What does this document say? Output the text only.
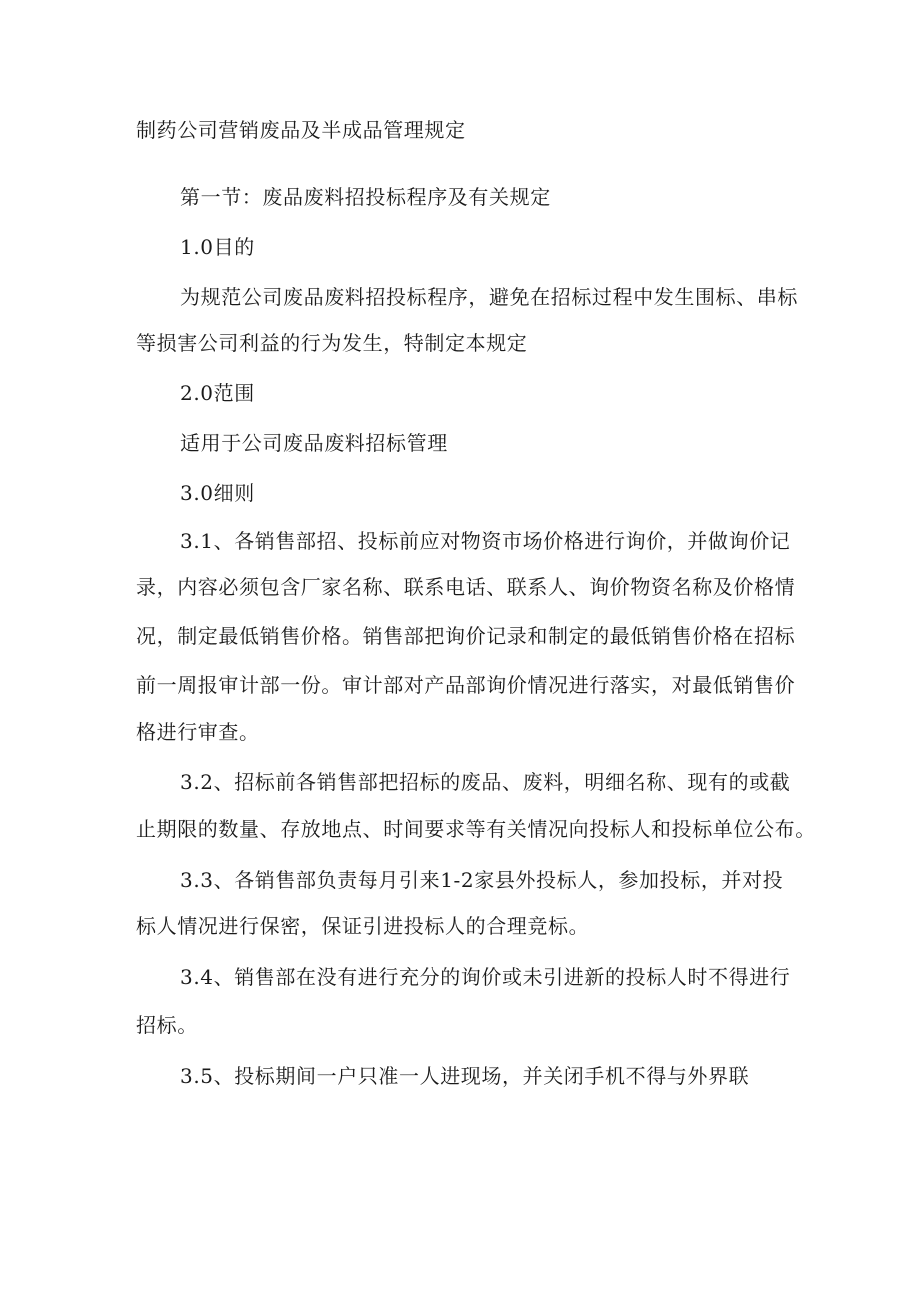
制药公司营销废品及半成品管理规定
第一节：废品废料招投标程序及有关规定
1.0目的
为规范公司废品废料招投标程序，避免在招标过程中发生围标、串标
等损害公司利益的行为发生，特制定本规定
2.0范围
适用于公司废品废料招标管理
3.0细则
3.1、各销售部招、投标前应对物资市场价格进行询价，并做询价记
录，内容必须包含厂家名称、联系电话、联系人、询价物资名称及价格情
况，制定最低销售价格。销售部把询价记录和制定的最低销售价格在招标
前一周报审计部一份。审计部对产品部询价情况进行落实，对最低销售价
格进行审查。
3.2、招标前各销售部把招标的废品、废料，明细名称、现有的或截
止期限的数量、存放地点、时间要求等有关情况向投标人和投标单位公布。
3.3、各销售部负责每月引来1-2家县外投标人，参加投标，并对投
标人情况进行保密，保证引进投标人的合理竞标。
3.4、销售部在没有进行充分的询价或未引进新的投标人时不得进行
招标。
3.5、投标期间一户只准一人进现场，并关闭手机不得与外界联
